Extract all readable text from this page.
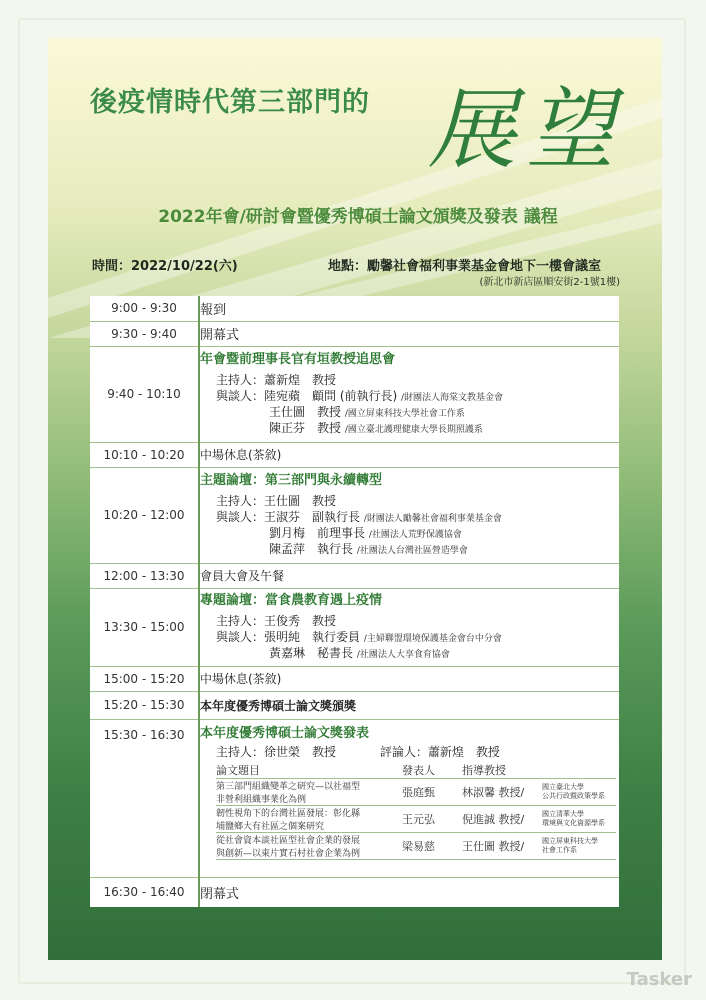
後疫情時代第三部門的 展望
2022年會/研討會暨優秀博碩士論文頒獎及發表 議程
時間：2022/10/22(六)	地點：勵馨社會福利事業基金會地下一樓會議室
(新北市新店區順安街2-1號1樓)
9:00 - 9:30	報到
9:30 - 9:40	開幕式
9:40 - 10:10	
年會暨前理事長官有垣教授追思會
主持人：蕭新煌　教授
與談人：陸宛蘋　顧問 (前執行長) /財團法人海棠文教基金會
王仕圖　教授 /國立屏東科技大學社會工作系
陳正芬　教授 /國立臺北護理健康大學長期照護系

10:10 - 10:20	中場休息(茶敘)
10:20 - 12:00	
主題論壇：第三部門與永續轉型
主持人：王仕圖　教授
與談人：王淑芬　副執行長 /財團法人勵馨社會福利事業基金會
劉月梅　前理事長 /社團法人荒野保護協會
陳孟萍　執行長 /社團法人台灣社區營造學會

12:00 - 13:30	會員大會及午餐
13:30 - 15:00	
專題論壇：當食農教育遇上疫情
主持人：王俊秀　教授
與談人：張明純　執行委員 /主婦聯盟環境保護基金會台中分會
黃嘉琳　秘書長 /社團法人大享食育協會

15:00 - 15:20	中場休息(茶敘)
15:20 - 15:30	本年度優秀博碩士論文獎頒獎
15:30 - 16:30	本年度優秀博碩士論文獎發表
主持人：徐世榮　教授	評論人：蕭新煌　教授
論文題目	發表人	指導教授

第三部門組織變革之研究—以社福型
非營利組織事業化為例
	張庭甄	林淑馨 教授/	國立臺北大學
公共行政暨政策學系

韌性視角下的台灣社區發展：彰化縣
埔鹽鄉大有社區之個案研究
	王元弘	倪進誠 教授/	國立清華大學
環境與文化資源學系

從社會資本談社區型社會企業的發展
與創新—以東片實石村社會企業為例
	梁易慈	王仕圖 教授/	國立屏東科技大學
社會工作系

16:30 - 16:40	閉幕式
Tasker
